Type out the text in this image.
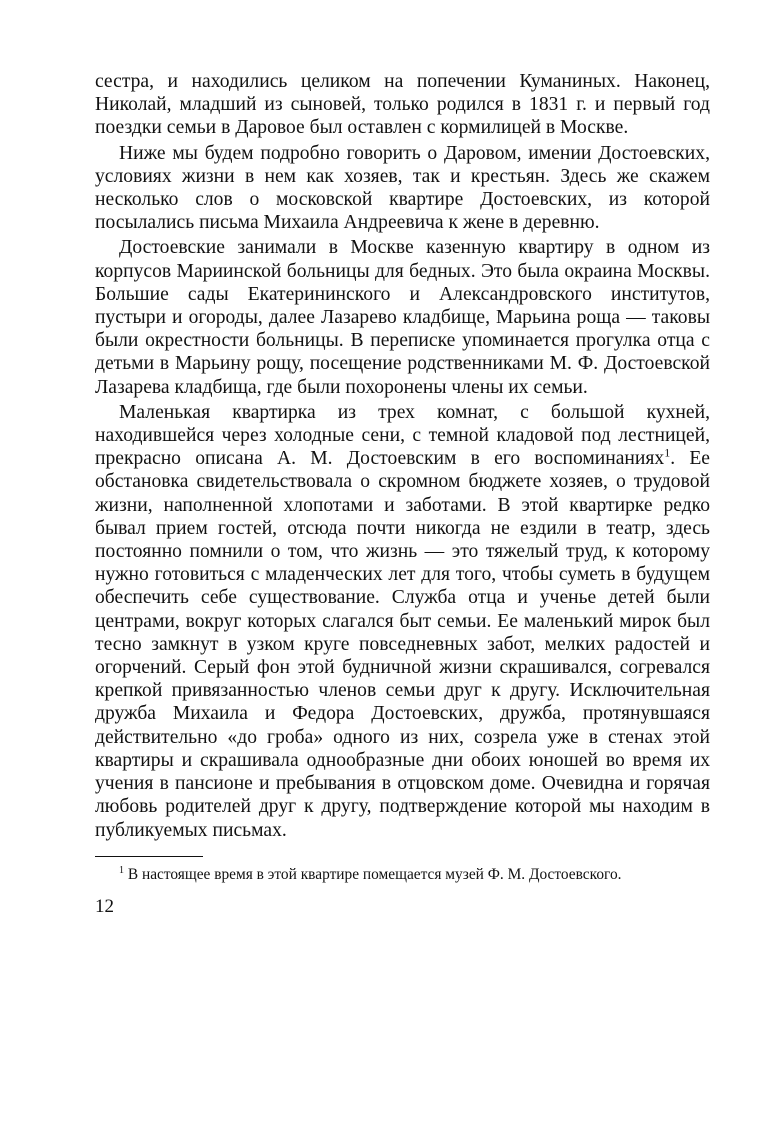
сестра, и находились целиком на попечении Куманиных. Наконец, Николай, младший из сыновей, только родился в 1831 г. и первый год поездки семьи в Даровое был оставлен с кормилицей в Москве.

Ниже мы будем подробно говорить о Даровом, имении Достоевских, условиях жизни в нем как хозяев, так и крестьян. Здесь же скажем несколько слов о московской квартире Достоевских, из которой посылались письма Михаила Андреевича к жене в деревню.

Достоевские занимали в Москве казенную квартиру в одном из корпусов Мариинской больницы для бедных. Это была окраина Москвы. Большие сады Екатерининского и Александровского институтов, пустыри и огороды, далее Лазарево кладбище, Марьина роща — таковы были окрестности больницы. В переписке упоминается прогулка отца с детьми в Марьину рощу, посещение родственниками М. Ф. Достоевской Лазарева кладбища, где были похоронены члены их семьи.

Маленькая квартирка из трех комнат, с большой кухней, находившейся через холодные сени, с темной кладовой под лестницей, прекрасно описана А. М. Достоевским в его воспоминаниях$^1$. Ее обстановка свидетельствовала о скромном бюджете хозяев, о трудовой жизни, наполненной хлопотами и заботами. В этой квартирке редко бывал прием гостей, отсюда почти никогда не ездили в театр, здесь постоянно помнили о том, что жизнь — это тяжелый труд, к которому нужно готовиться с младенческих лет для того, чтобы суметь в будущем обеспечить себе существование. Служба отца и ученье детей были центрами, вокруг которых слагался быт семьи. Ее маленький мирок был тесно замкнут в узком круге повседневных забот, мелких радостей и огорчений. Серый фон этой будничной жизни скрашивался, согревался крепкой привязанностью членов семьи друг к другу. Исключительная дружба Михаила и Федора Достоевских, дружба, протянувшаяся действительно «до гроба» одного из них, созрела уже в стенах этой квартиры и скрашивала однообразные дни обоих юношей во время их учения в пансионе и пребывания в отцовском доме. Очевидна и горячая любовь родителей друг к другу, подтверждение которой мы находим в публикуемых письмах.

$^1$ В настоящее время в этой квартире помещается музей Ф. М. Достоевского.

12
